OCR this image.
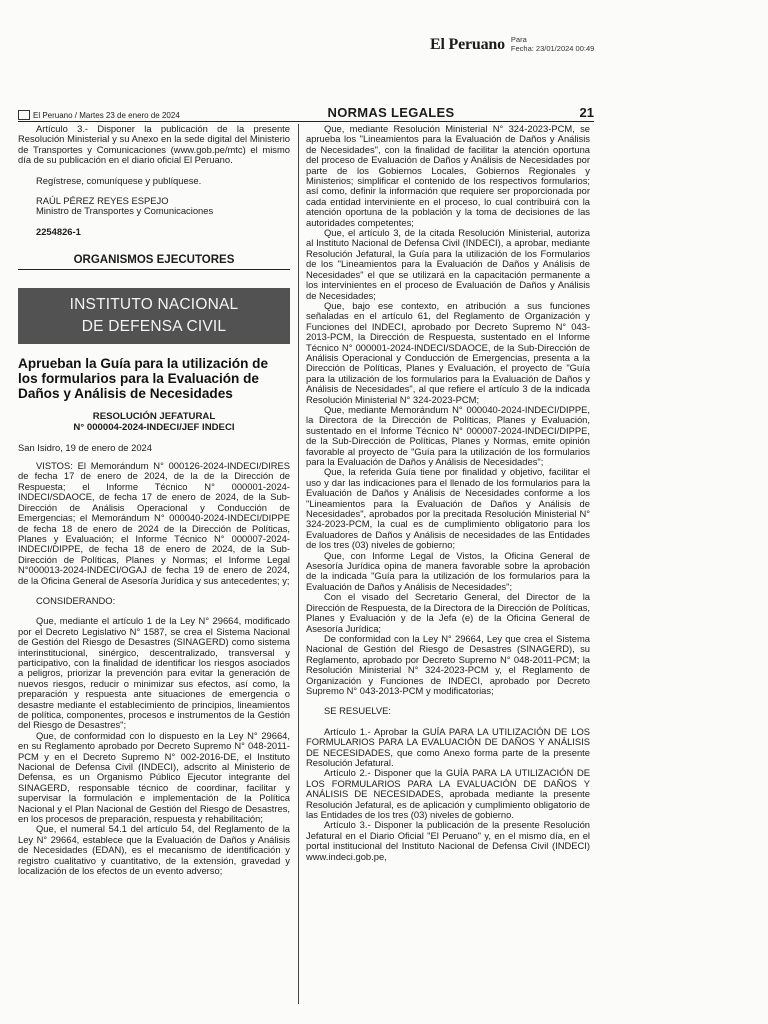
El Peruano Para
Fecha: 23/01/2024 00:49
El Peruano / Martes 23 de enero de 2024	NORMAS LEGALES	21

Artículo 3.- Disponer la publicación de la presente Resolución Ministerial y su Anexo en la sede digital del Ministerio de Transportes y Comunicaciones (www.gob.pe/mtc) el mismo día de su publicación en el diario oficial El Peruano.

Regístrese, comuníquese y publíquese.

RAÚL PÉREZ REYES ESPEJO

Ministro de Transportes y Comunicaciones

2254826-1

ORGANISMOS EJECUTORES
INSTITUTO NACIONAL
DE DEFENSA CIVIL
Aprueban la Guía para la utilización de los formularios para la Evaluación de Daños y Análisis de Necesidades
RESOLUCIÓN JEFATURAL
N° 000004-2024-INDECI/JEF INDECI

San Isidro, 19 de enero de 2024

VISTOS: El Memorándum N° 000126-2024-INDECI/DIRES de fecha 17 de enero de 2024, de la de la Dirección de Respuesta; el Informe Técnico N° 000001-2024-INDECI/SDAOCE, de fecha 17 de enero de 2024, de la Sub-Dirección de Análisis Operacional y Conducción de Emergencias; el Memorándum N° 000040-2024-INDECI/DIPPE de fecha 18 de enero de 2024 de la Dirección de Políticas, Planes y Evaluación; el Informe Técnico N° 000007-2024-INDECI/DIPPE, de fecha 18 de enero de 2024, de la Sub-Dirección de Políticas, Planes y Normas; el Informe Legal N°000013-2024-INDECI/OGAJ de fecha 19 de enero de 2024, de la Oficina General de Asesoría Jurídica y sus antecedentes; y;

CONSIDERANDO:

Que, mediante el artículo 1 de la Ley N° 29664, modificado por el Decreto Legislativo N° 1587, se crea el Sistema Nacional de Gestión del Riesgo de Desastres (SINAGERD) como sistema interinstitucional, sinérgico, descentralizado, transversal y participativo, con la finalidad de identificar los riesgos asociados a peligros, priorizar la prevención para evitar la generación de nuevos riesgos, reducir o minimizar sus efectos, así como, la preparación y respuesta ante situaciones de emergencia o desastre mediante el establecimiento de principios, lineamientos de política, componentes, procesos e instrumentos de la Gestión del Riesgo de Desastres";

Que, de conformidad con lo dispuesto en la Ley N° 29664, en su Reglamento aprobado por Decreto Supremo N° 048-2011-PCM y en el Decreto Supremo N° 002-2016-DE, el Instituto Nacional de Defensa Civil (INDECI), adscrito al Ministerio de Defensa, es un Organismo Público Ejecutor integrante del SINAGERD, responsable técnico de coordinar, facilitar y supervisar la formulación e implementación de la Política Nacional y el Plan Nacional de Gestión del Riesgo de Desastres, en los procesos de preparación, respuesta y rehabilitación;

Que, el numeral 54.1 del artículo 54, del Reglamento de la Ley N° 29664, establece que la Evaluación de Daños y Análisis de Necesidades (EDAN), es el mecanismo de identificación y registro cualitativo y cuantitativo, de la extensión, gravedad y localización de los efectos de un evento adverso;

Que, mediante Resolución Ministerial N° 324-2023-PCM, se aprueba los "Lineamientos para la Evaluación de Daños y Análisis de Necesidades", con la finalidad de facilitar la atención oportuna del proceso de Evaluación de Daños y Análisis de Necesidades por parte de los Gobiernos Locales, Gobiernos Regionales y Ministerios; simplificar el contenido de los respectivos formularios; así como, definir la información que requiere ser proporcionada por cada entidad interviniente en el proceso, lo cual contribuirá con la atención oportuna de la población y la toma de decisiones de las autoridades competentes;

Que, el artículo 3, de la citada Resolución Ministerial, autoriza al Instituto Nacional de Defensa Civil (INDECI), a aprobar, mediante Resolución Jefatural, la Guía para la utilización de los Formularios de los "Lineamientos para la Evaluación de Daños y Análisis de Necesidades" el que se utilizará en la capacitación permanente a los intervinientes en el proceso de Evaluación de Daños y Análisis de Necesidades;

Que, bajo ese contexto, en atribución a sus funciones señaladas en el artículo 61, del Reglamento de Organización y Funciones del INDECI, aprobado por Decreto Supremo N° 043-2013-PCM, la Dirección de Respuesta, sustentado en el Informe Técnico N° 000001-2024-INDECI/SDAOCE, de la Sub-Dirección de Análisis Operacional y Conducción de Emergencias, presenta a la Dirección de Políticas, Planes y Evaluación, el proyecto de "Guía para la utilización de los formularios para la Evaluación de Daños y Análisis de Necesidades", al que refiere el artículo 3 de la indicada Resolución Ministerial N° 324-2023-PCM;

Que, mediante Memorándum N° 000040-2024-INDECI/DIPPE, la Directora de la Dirección de Políticas, Planes y Evaluación, sustentado en el Informe Técnico N° 000007-2024-INDECI/DIPPE, de la Sub-Dirección de Políticas, Planes y Normas, emite opinión favorable al proyecto de "Guía para la utilización de los formularios para la Evaluación de Daños y Análisis de Necesidades";

Que, la referida Guía tiene por finalidad y objetivo, facilitar el uso y dar las indicaciones para el llenado de los formularios para la Evaluación de Daños y Análisis de Necesidades conforme a los "Lineamientos para la Evaluación de Daños y Análisis de Necesidades", aprobados por la precitada Resolución Ministerial N° 324-2023-PCM, la cual es de cumplimiento obligatorio para los Evaluadores de Daños y Análisis de necesidades de las Entidades de los tres (03) niveles de gobierno;

Que, con Informe Legal de Vistos, la Oficina General de Asesoría Jurídica opina de manera favorable sobre la aprobación de la indicada "Guía para la utilización de los formularios para la Evaluación de Daños y Análisis de Necesidades";

Con el visado del Secretario General, del Director de la Dirección de Respuesta, de la Directora de la Dirección de Políticas, Planes y Evaluación y de la Jefa (e) de la Oficina General de Asesoría Jurídica;

De conformidad con la Ley N° 29664, Ley que crea el Sistema Nacional de Gestión del Riesgo de Desastres (SINAGERD), su Reglamento, aprobado por Decreto Supremo N° 048-2011-PCM; la Resolución Ministerial N° 324-2023-PCM y, el Reglamento de Organización y Funciones de INDECI, aprobado por Decreto Supremo N° 043-2013-PCM y modificatorias;

SE RESUELVE:

Artículo 1.- Aprobar la GUÍA PARA LA UTILIZACIÓN DE LOS FORMULARIOS PARA LA EVALUACIÓN DE DAÑOS Y ANÁLISIS DE NECESIDADES, que como Anexo forma parte de la presente Resolución Jefatural.

Artículo 2.- Disponer que la GUÍA PARA LA UTILIZACIÓN DE LOS FORMULARIOS PARA LA EVALUACIÓN DE DAÑOS Y ANÁLISIS DE NECESIDADES, aprobada mediante la presente Resolución Jefatural, es de aplicación y cumplimiento obligatorio de las Entidades de los tres (03) niveles de gobierno.

Artículo 3.- Disponer la publicación de la presente Resolución Jefatural en el Diario Oficial "El Peruano" y, en el mismo día, en el portal institucional del Instituto Nacional de Defensa Civil (INDECI) www.indeci.gob.pe,
